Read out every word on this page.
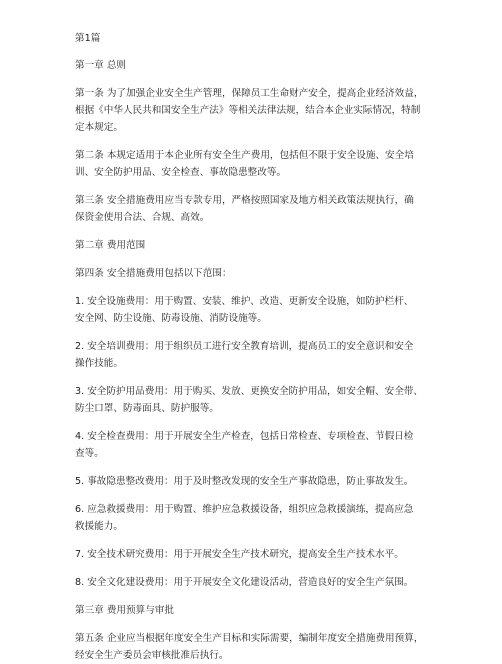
第1篇

第一章 总则
第一条 为了加强企业安全生产管理，保障员工生命财产安全，提高企业经济效益，
根据《中华人民共和国安全生产法》等相关法律法规，结合本企业实际情况，特制
定本规定。
第二条 本规定适用于本企业所有安全生产费用，包括但不限于安全设施、安全培
训、安全防护用品、安全检查、事故隐患整改等。
第三条 安全措施费用应当专款专用，严格按照国家及地方相关政策法规执行，确
保资金使用合法、合规、高效。
第二章 费用范围
第四条 安全措施费用包括以下范围：
1. 安全设施费用：用于购置、安装、维护、改造、更新安全设施，如防护栏杆、
安全网、防尘设施、防毒设施、消防设施等。
2. 安全培训费用：用于组织员工进行安全教育培训，提高员工的安全意识和安全
操作技能。
3. 安全防护用品费用：用于购买、发放、更换安全防护用品，如安全帽、安全带、
防尘口罩、防毒面具、防护服等。
4. 安全检查费用：用于开展安全生产检查，包括日常检查、专项检查、节假日检
查等。
5. 事故隐患整改费用：用于及时整改发现的安全生产事故隐患，防止事故发生。
6. 应急救援费用：用于购置、维护应急救援设备，组织应急救援演练，提高应急
救援能力。
7. 安全技术研究费用：用于开展安全生产技术研究，提高安全生产技术水平。
8. 安全文化建设费用：用于开展安全文化建设活动，营造良好的安全生产氛围。
第三章 费用预算与审批
第五条 企业应当根据年度安全生产目标和实际需要，编制年度安全措施费用预算，
经安全生产委员会审核批准后执行。
